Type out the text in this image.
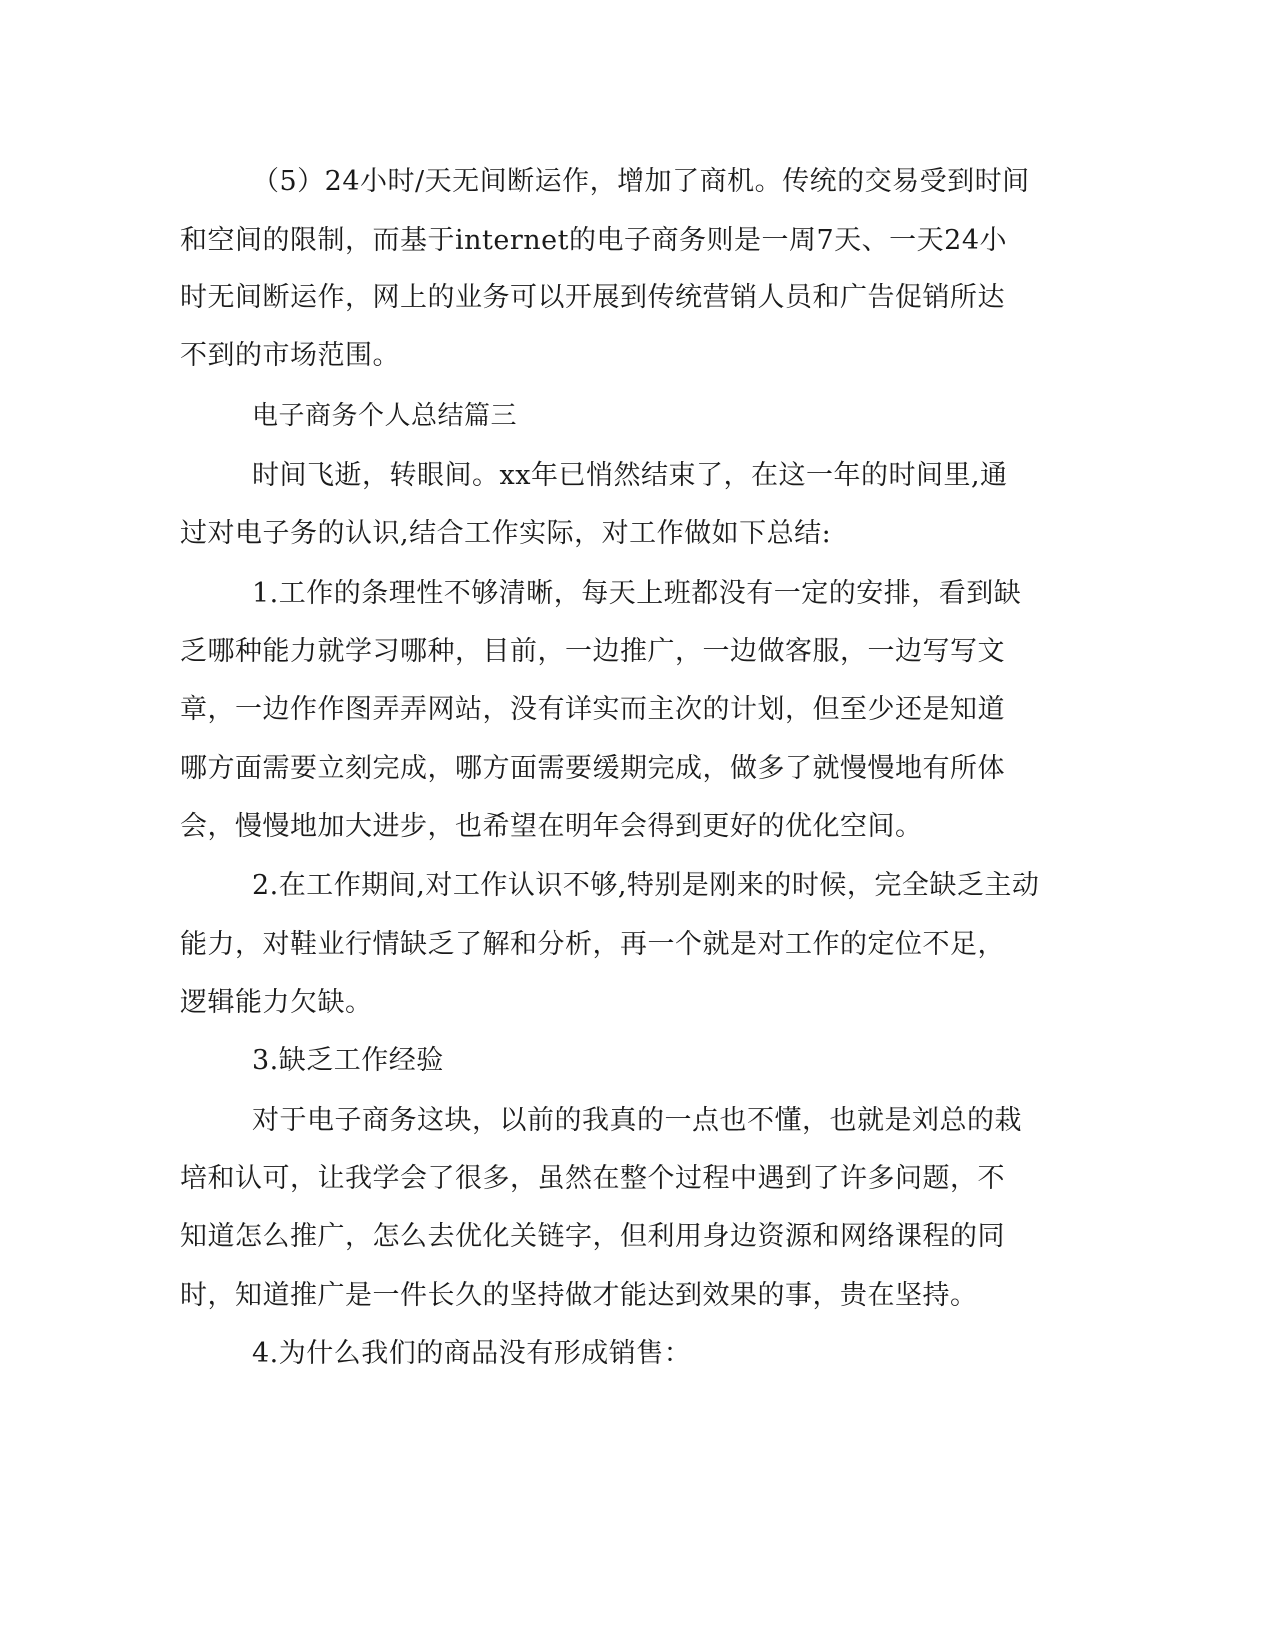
（5）24小时/天无间断运作，增加了商机。传统的交易受到时间

和空间的限制，而基于internet的电子商务则是一周7天、一天24小

时无间断运作，网上的业务可以开展到传统营销人员和广告促销所达

不到的市场范围。

电子商务个人总结篇三

时间飞逝，转眼间。xx年已悄然结束了，在这一年的时间里,通

过对电子务的认识,结合工作实际，对工作做如下总结:

1.工作的条理性不够清晰，每天上班都没有一定的安排，看到缺

乏哪种能力就学习哪种，目前，一边推广，一边做客服，一边写写文

章，一边作作图弄弄网站，没有详实而主次的计划，但至少还是知道

哪方面需要立刻完成，哪方面需要缓期完成，做多了就慢慢地有所体

会，慢慢地加大进步，也希望在明年会得到更好的优化空间。

2.在工作期间,对工作认识不够,特别是刚来的时候，完全缺乏主动

能力，对鞋业行情缺乏了解和分析，再一个就是对工作的定位不足，

逻辑能力欠缺。

3.缺乏工作经验

对于电子商务这块，以前的我真的一点也不懂，也就是刘总的栽

培和认可，让我学会了很多，虽然在整个过程中遇到了许多问题，不

知道怎么推广，怎么去优化关链字，但利用身边资源和网络课程的同

时，知道推广是一件长久的坚持做才能达到效果的事，贵在坚持。

4.为什么我们的商品没有形成销售：
